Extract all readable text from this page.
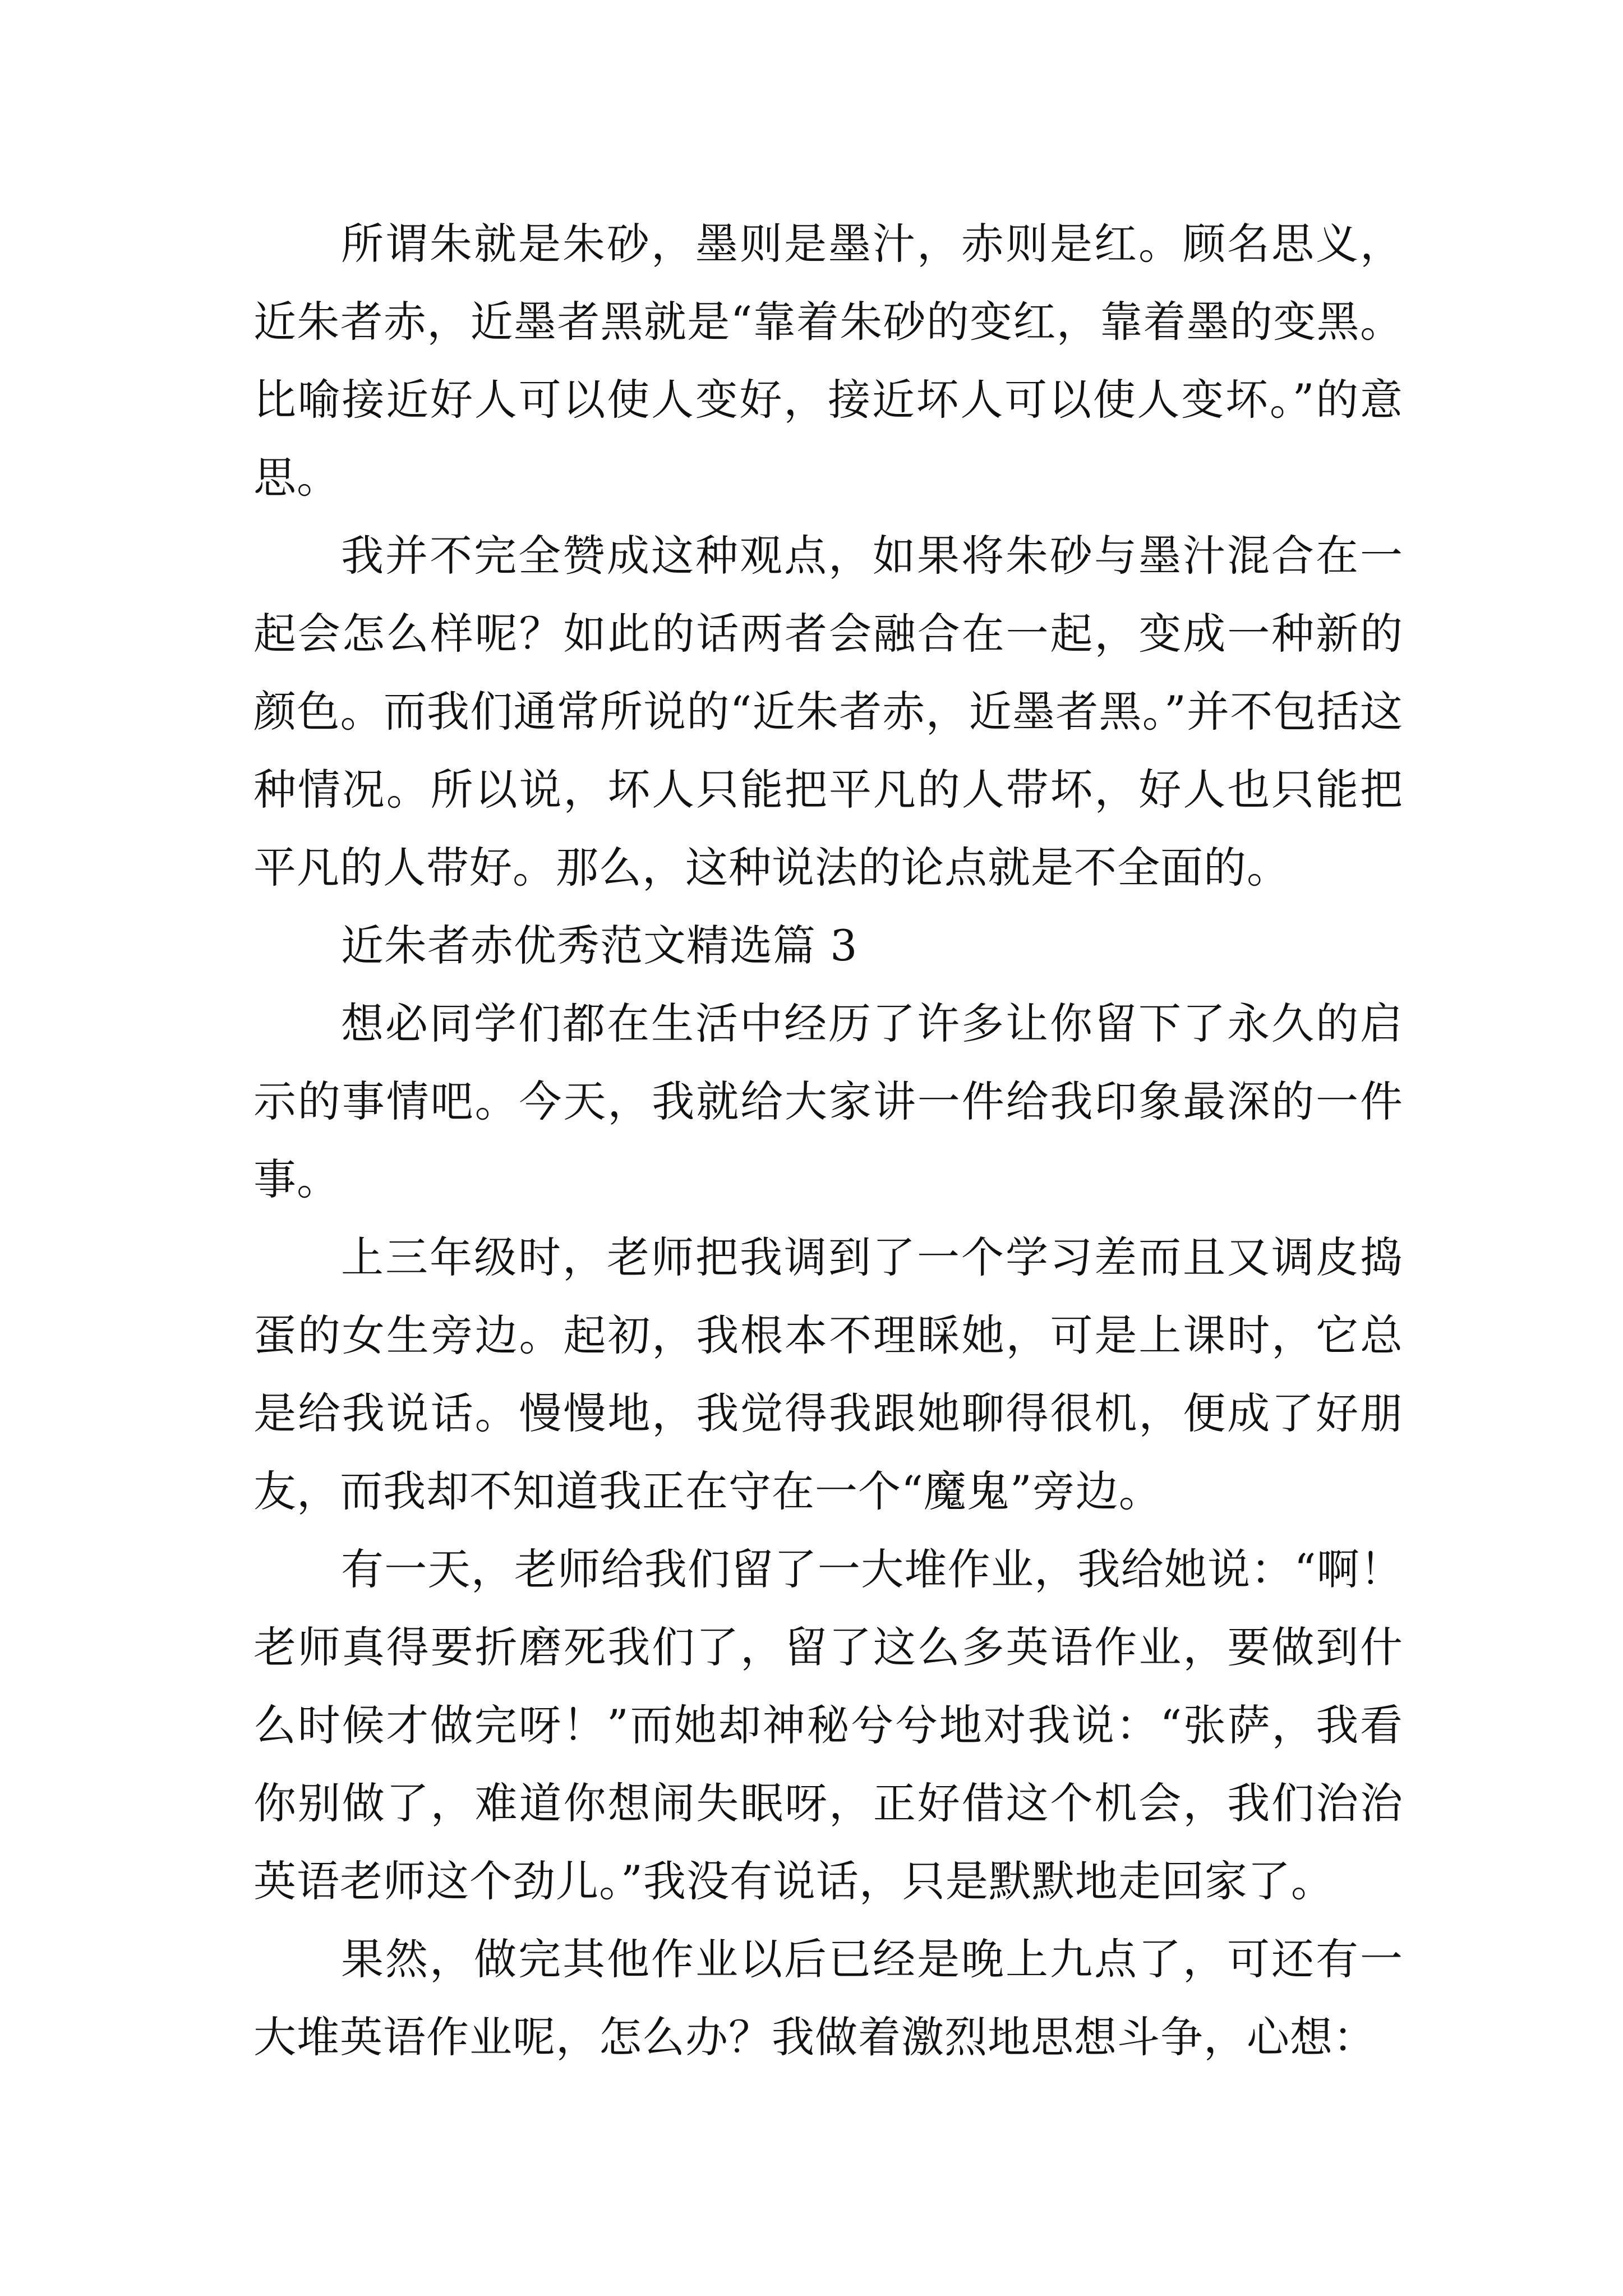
所谓朱就是朱砂，墨则是墨汁，赤则是红。顾名思义，近朱者赤，近墨者黑就是“靠着朱砂的变红，靠着墨的变黑。比喻接近好人可以使人变好，接近坏人可以使人变坏。”的意思。

我并不完全赞成这种观点，如果将朱砂与墨汁混合在一起会怎么样呢？如此的话两者会融合在一起，变成一种新的颜色。而我们通常所说的“近朱者赤，近墨者黑。”并不包括这种情况。所以说，坏人只能把平凡的人带坏，好人也只能把平凡的人带好。那么，这种说法的论点就是不全面的。

近朱者赤优秀范文精选篇 3

想必同学们都在生活中经历了许多让你留下了永久的启示的事情吧。今天，我就给大家讲一件给我印象最深的一件事。

上三年级时，老师把我调到了一个学习差而且又调皮捣蛋的女生旁边。起初，我根本不理睬她，可是上课时，它总是给我说话。慢慢地，我觉得我跟她聊得很机，便成了好朋友，而我却不知道我正在守在一个“魔鬼”旁边。

有一天，老师给我们留了一大堆作业，我给她说：“啊！老师真得要折磨死我们了，留了这么多英语作业，要做到什么时候才做完呀！”而她却神秘兮兮地对我说：“张萨，我看你别做了，难道你想闹失眠呀，正好借这个机会，我们治治英语老师这个劲儿。”我没有说话，只是默默地走回家了。

果然，做完其他作业以后已经是晚上九点了，可还有一大堆英语作业呢，怎么办？我做着激烈地思想斗争，心想：
